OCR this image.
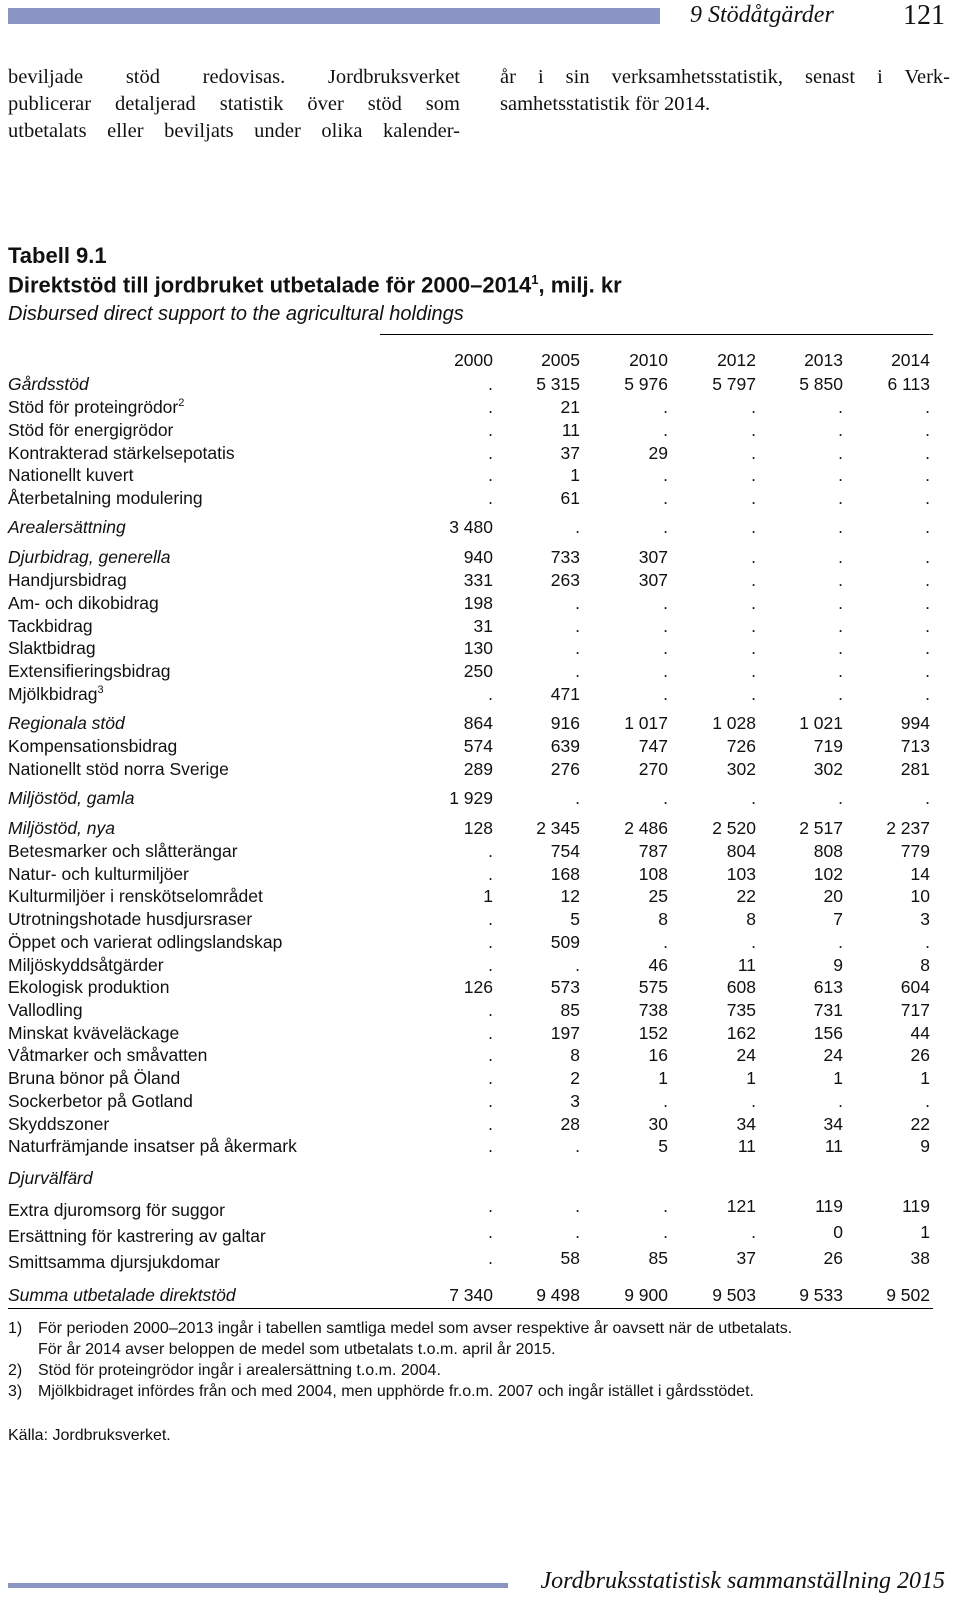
9 Stödåtgärder 121
beviljade stöd redovisas. Jordbruksverket
publicerar detaljerad statistik över stöd som
utbetalats eller beviljats under olika kalender-
år i sin verksamhetsstatistik, senast i Verk-
samhetsstatistik för 2014.
Tabell 9.1
Direktstöd till jordbruket utbetalade för 2000–2014$^1$, milj. kr
Disbursed direct support to the agricultural holdings
2000	2005	2010	2012	2013	2014
Gårdsstöd	.	5 315	5 976	5 797	5 850	6 113
Stöd för proteingrödor$^2$	.	21	.	.	.	.
Stöd för energigrödor	.	11	.	.	.	.
Kontrakterad stärkelsepotatis	.	37	29	.	.	.
Nationellt kuvert	.	1	.	.	.	.
Återbetalning modulering	.	61	.	.	.	.
Arealersättning	3 480	.	.	.	.	.
Djurbidrag, generella	940	733	307	.	.	.
Handjursbidrag	331	263	307	.	.	.
Am- och dikobidrag	198	.	.	.	.	.
Tackbidrag	31	.	.	.	.	.
Slaktbidrag	130	.	.	.	.	.
Extensifieringsbidrag	250	.	.	.	.	.
Mjölkbidrag$^3$	.	471	.	.	.	.
Regionala stöd	864	916	1 017	1 028	1 021	994
Kompensationsbidrag	574	639	747	726	719	713
Nationellt stöd norra Sverige	289	276	270	302	302	281
Miljöstöd, gamla	1 929	.	.	.	.	.
Miljöstöd, nya	128	2 345	2 486	2 520	2 517	2 237
Betesmarker och slåtterängar	.	754	787	804	808	779
Natur- och kulturmiljöer	.	168	108	103	102	14
Kulturmiljöer i renskötselområdet	1	12	25	22	20	10
Utrotningshotade husdjursraser	.	5	8	8	7	3
Öppet och varierat odlingslandskap	.	509	.	.	.	.
Miljöskyddsåtgärder	.	.	46	11	9	8
Ekologisk produktion	126	573	575	608	613	604
Vallodling	.	85	738	735	731	717
Minskat kväveläckage	.	197	152	162	156	44
Våtmarker och småvatten	.	8	16	24	24	26
Bruna bönor på Öland	.	2	1	1	1	1
Sockerbetor på Gotland	.	3	.	.	.	.
Skyddszoner	.	28	30	34	34	22
Naturfrämjande insatser på åkermark	.	.	5	11	11	9
Djurvälfärd
Extra djuromsorg för suggor	.	.	.	121	119	119
Ersättning för kastrering av galtar	.	.	.	.	0	1
Smittsamma djursjukdomar	.	58	85	37	26	38
Summa utbetalade direktstöd	7 340	9 498	9 900	9 503	9 533	9 502
1) För perioden 2000–2013 ingår i tabellen samtliga medel som avser respektive år oavsett när de utbetalats.
För år 2014 avser beloppen de medel som utbetalats t.o.m. april år 2015.
2) Stöd för proteingrödor ingår i arealersättning t.o.m. 2004.
3) Mjölkbidraget infördes från och med 2004, men upphörde fr.o.m. 2007 och ingår istället i gårdsstödet.
Källa: Jordbruksverket.
Jordbruksstatistisk sammanställning 2015
